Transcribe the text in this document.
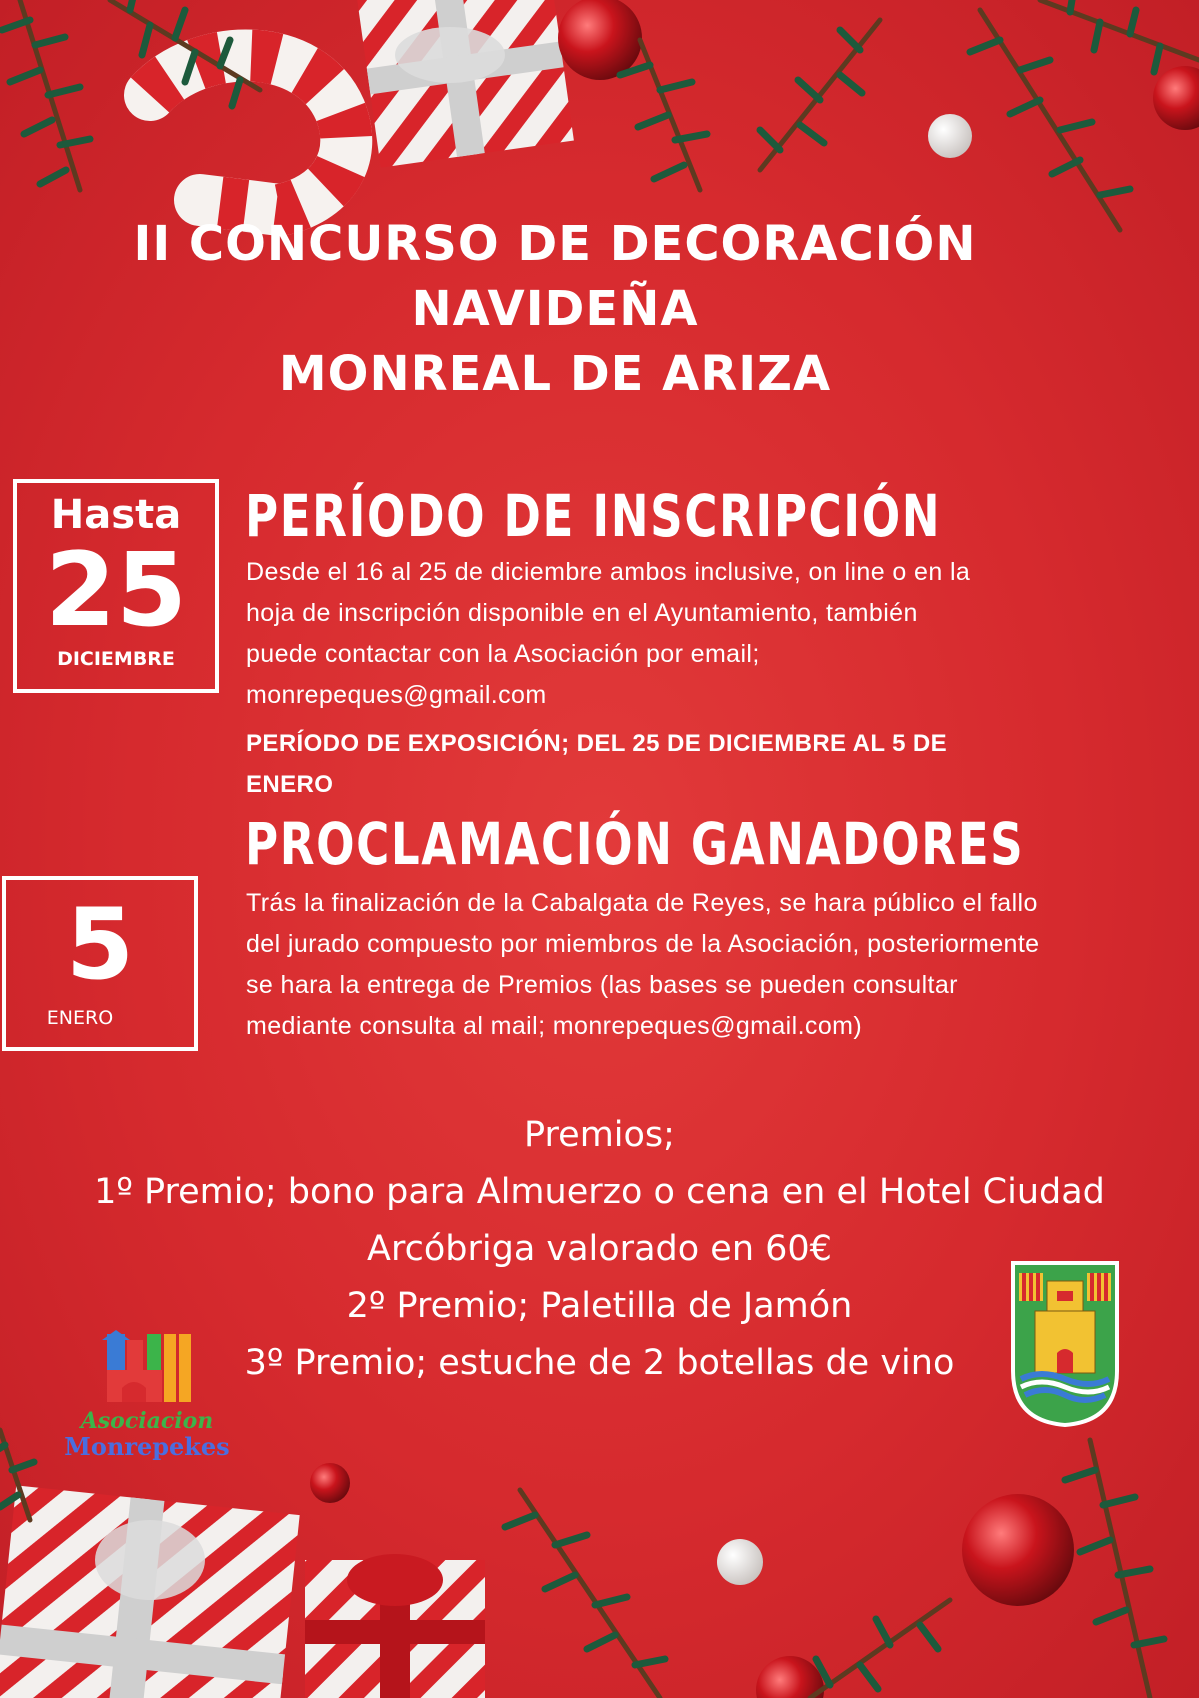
II CONCURSO DE DECORACIÓN
NAVIDEÑA
MONREAL DE ARIZA
Hasta
25
DICIEMBRE
PERÍODO DE INSCRIPCIÓN
Desde el 16 al 25 de diciembre ambos inclusive, on line o en la
hoja de inscripción disponible en el Ayuntamiento, también
puede contactar con la Asociación por email;
monrepeques@gmail.com
PERÍODO DE EXPOSICIÓN; DEL 25 DE DICIEMBRE AL 5 DE
ENERO
PROCLAMACIÓN GANADORES
5
ENERO
Trás la finalización de la Cabalgata de Reyes, se hara público el fallo
del jurado compuesto por miembros de la Asociación, posteriormente
se hara la entrega de Premios (las bases se pueden consultar
mediante consulta al mail; monrepeques@gmail.com)
Premios;
1º Premio; bono para Almuerzo o cena en el Hotel Ciudad
Arcóbriga valorado en 60€
2º Premio; Paletilla de Jamón
3º Premio; estuche de 2 botellas de vino
Asociacion
Monrepekes
